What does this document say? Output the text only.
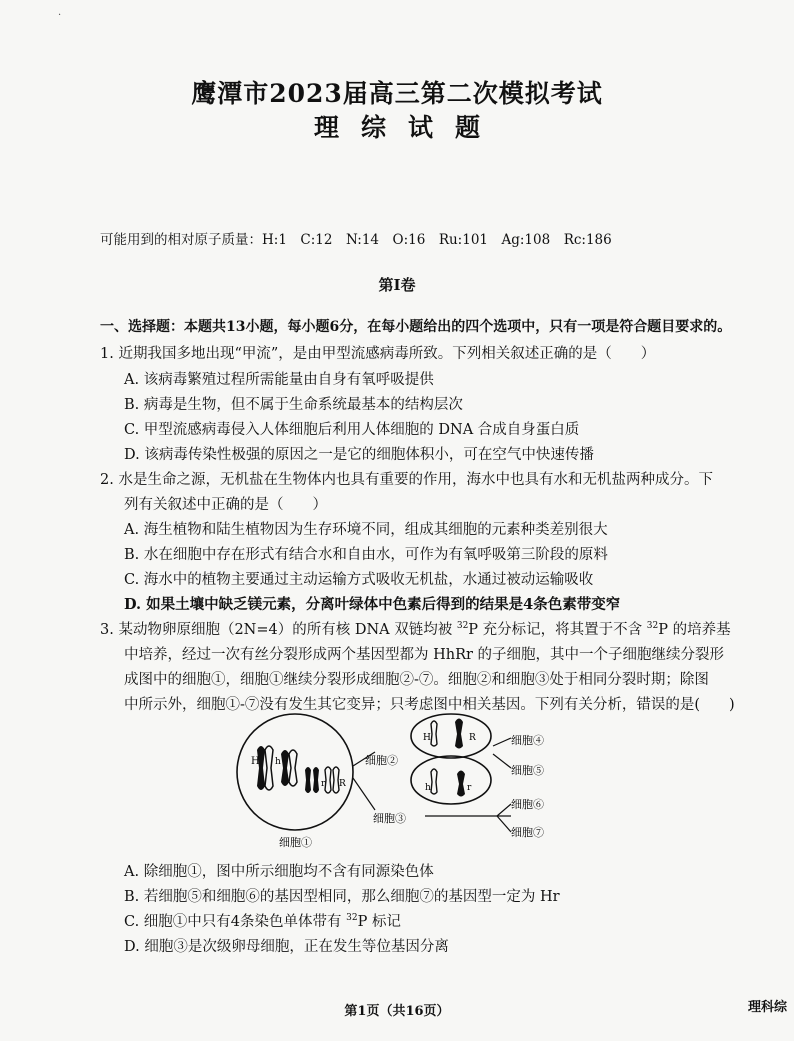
·
鹰潭市2023届高三第二次模拟考试
理综试题
可能用到的相对原子质量：H:1　C:12　N:14　O:16　Ru:101　Ag:108　Rc:186
第Ⅰ卷
一、选择题：本题共13小题，每小题6分，在每小题给出的四个选项中，只有一项是符合题目要求的。
1. 近期我国多地出现“甲流”，是由甲型流感病毒所致。下列相关叙述正确的是（　　）
A. 该病毒繁殖过程所需能量由自身有氧呼吸提供
B. 病毒是生物，但不属于生命系统最基本的结构层次
C. 甲型流感病毒侵入人体细胞后利用人体细胞的 DNA 合成自身蛋白质
D. 该病毒传染性极强的原因之一是它的细胞体积小，可在空气中快速传播
2. 水是生命之源，无机盐在生物体内也具有重要的作用，海水中也具有水和无机盐两种成分。下
列有关叙述中正确的是（　　）
A. 海生植物和陆生植物因为生存环境不同，组成其细胞的元素种类差别很大
B. 水在细胞中存在形式有结合水和自由水，可作为有氧呼吸第三阶段的原料
C. 海水中的植物主要通过主动运输方式吸收无机盐，水通过被动运输吸收
D. 如果土壤中缺乏镁元素，分离叶绿体中色素后得到的结果是4条色素带变窄
3. 某动物卵原细胞（2N=4）的所有核 DNA 双链均被 $^{32}$P 充分标记，将其置于不含 $^{32}$P 的培养基
中培养，经过一次有丝分裂形成两个基因型都为 HhRr 的子细胞，其中一个子细胞继续分裂形
成图中的细胞①，细胞①继续分裂形成细胞②-⑦。细胞②和细胞③处于相同分裂时期；除图
中所示外，细胞①-⑦没有发生其它变异；只考虑图中相关基因。下列有关分析，错误的是(　　)
H h
r R
细胞①
细胞②
细胞③
H	R
h	r
细胞④
细胞⑤
细胞⑥
细胞⑦
A. 除细胞①，图中所示细胞均不含有同源染色体
B. 若细胞⑤和细胞⑥的基因型相同，那么细胞⑦的基因型一定为 Hr
C. 细胞①中只有4条染色单体带有 $^{32}$P 标记
D. 细胞③是次级卵母细胞，正在发生等位基因分离
第1页（共16页）	理科综
